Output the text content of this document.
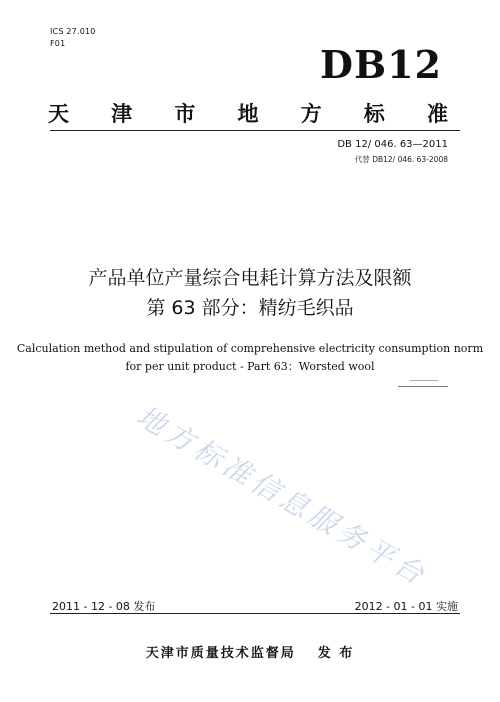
ICS 27.010
F01	DB12
天 津 市 地 方 标 准
DB 12/ 046. 63—2011
代替 DB12/ 046. 63-2008
产品单位产量综合电耗计算方法及限额
第 63 部分：精纺毛织品
Calculation method and stipulation of comprehensive electricity consumption norm
for per unit product - Part 63：Worsted wool
地方标准信息服务平台
2011 - 12 - 08 发布	2012 - 01 - 01 实施
天津市质量技术监督局 发 布
